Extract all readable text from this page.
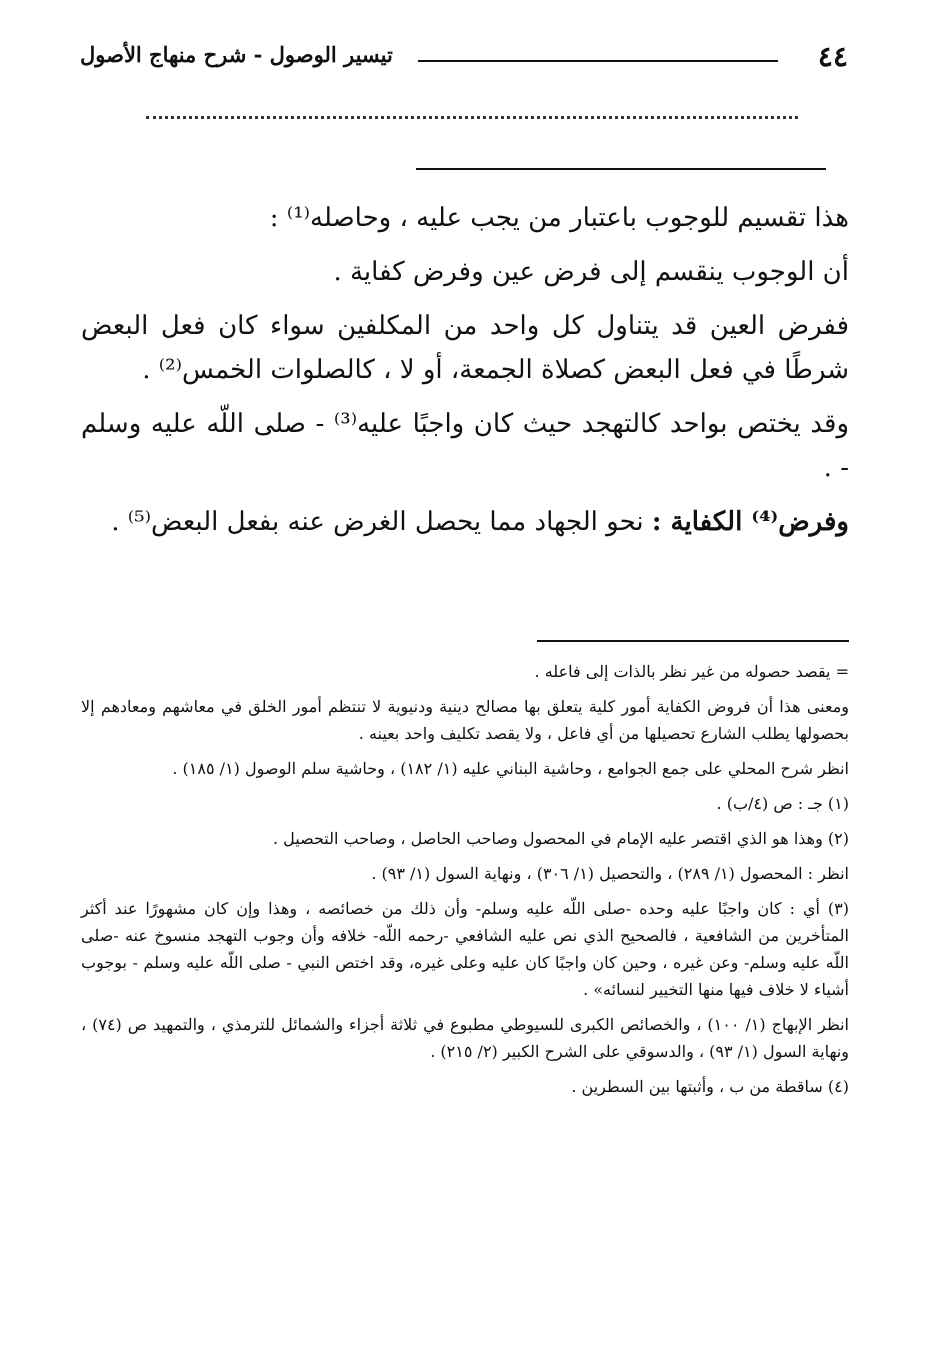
٤٤
تيسير الوصول - شرح منهاج الأصول

هذا تقسيم للوجوب باعتبار من يجب عليه ، وحاصله⁽¹⁾ :

أن الوجوب ينقسم إلى فرض عين وفرض كفاية .

ففرض العين قد يتناول كل واحد من المكلفين سواء كان فعل البعض شرطًا في فعل البعض كصلاة الجمعة، أو لا ، كالصلوات الخمس⁽²⁾ .

وقد يختص بواحد كالتهجد حيث كان واجبًا عليه⁽³⁾ - صلى اللّه عليه وسلم - .

وفرض⁽⁴⁾ الكفاية : نحو الجهاد مما يحصل الغرض عنه بفعل البعض⁽⁵⁾ .

= يقصد حصوله من غير نظر بالذات إلى فاعله .

ومعنى هذا أن فروض الكفاية أمور كلية يتعلق بها مصالح دينية ودنيوية لا تنتظم أمور الخلق في معاشهم ومعادهم إلا بحصولها يطلب الشارع تحصيلها من أي فاعل ، ولا يقصد تكليف واحد بعينه .

انظر شرح المحلي على جمع الجوامع ، وحاشية البناني عليه (١/ ١٨٢) ، وحاشية سلم الوصول (١/ ١٨٥) .

(١) جـ : ص (٤/ب) .

(٢) وهذا هو الذي اقتصر عليه الإمام في المحصول وصاحب الحاصل ، وصاحب التحصيل .

انظر : المحصول (١/ ٢٨٩) ، والتحصيل (١/ ٣٠٦) ، ونهاية السول (١/ ٩٣) .

(٣) أي : كان واجبًا عليه وحده -صلى اللّه عليه وسلم- وأن ذلك من خصائصه ، وهذا وإن كان مشهورًا عند أكثر المتأخرين من الشافعية ، فالصحيح الذي نص عليه الشافعي -رحمه اللّه- خلافه وأن وجوب التهجد منسوخ عنه -صلى اللّه عليه وسلم- وعن غيره ، وحين كان واجبًا كان عليه وعلى غيره، وقد اختص النبي - صلى اللّه عليه وسلم - بوجوب أشياء لا خلاف فيها منها التخيير لنسائه» .

انظر الإبهاج (١/ ١٠٠) ، والخصائص الكبرى للسيوطي مطبوع في ثلاثة أجزاء والشمائل للترمذي ، والتمهيد ص (٧٤) ، ونهاية السول (١/ ٩٣) ، والدسوقي على الشرح الكبير (٢/ ٢١٥) .

(٤) ساقطة من ب ، وأثبتها بين السطرين .
